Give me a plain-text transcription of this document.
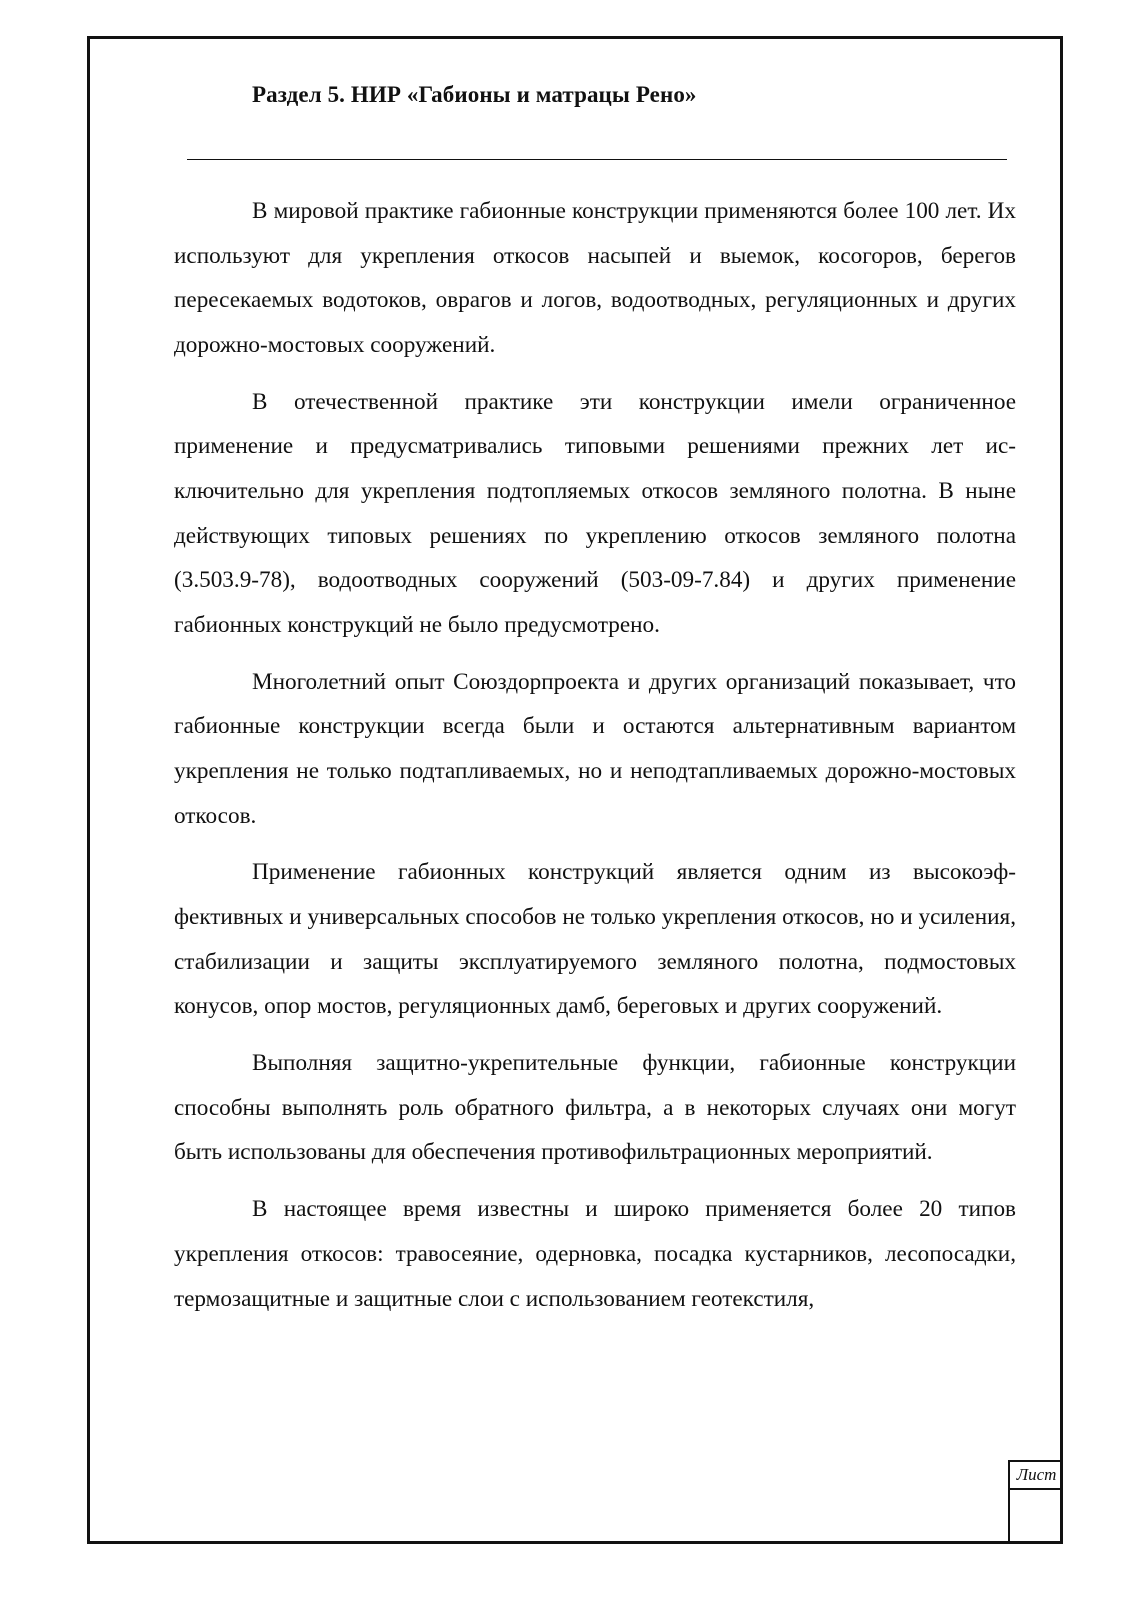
Раздел 5. НИР «Габионы и матрацы Рено»

В мировой практике габионные конструкции применяются более 100 лет. Их используют для укрепления откосов насыпей и выемок, косогоров, берегов пересекаемых водотоков, оврагов и логов, водоотводных, регуляционных и других дорожно-мостовых сооружений.

В отечественной практике эти конструкции имели ограниченное применение и предусматривались типовыми решениями прежних лет исключительно для укрепления подтопляемых откосов земляного полотна. В ныне действующих типовых решениях по укреплению откосов земляного полотна (3.503.9-78), водоотводных сооружений (503-09-7.84) и других применение габионных конструкций не было предусмотрено.

Многолетний опыт Союздорпроекта и других организаций показывает, что габионные конструкции всегда были и остаются альтернативным вариантом укрепления не только подтапливаемых, но и неподтапливаемых дорожно-мостовых откосов.

Применение габионных конструкций является одним из высокоэффективных и универсальных способов не только укрепления откосов, но и усиления, стабилизации и защиты эксплуатируемого земляного полотна, подмостовых конусов, опор мостов, регуляционных дамб, береговых и других сооружений.

Выполняя защитно-укрепительные функции, габионные конструкции способны выполнять роль обратного фильтра, а в некоторых случаях они могут быть использованы для обеспечения противофильтрационных мероприятий.

В настоящее время известны и широко применяется более 20 типов укрепления откосов: травосеяние, одерновка, посадка кустарников, лесопосадки, термозащитные и защитные слои с использованием геотекстиля,

Лист
